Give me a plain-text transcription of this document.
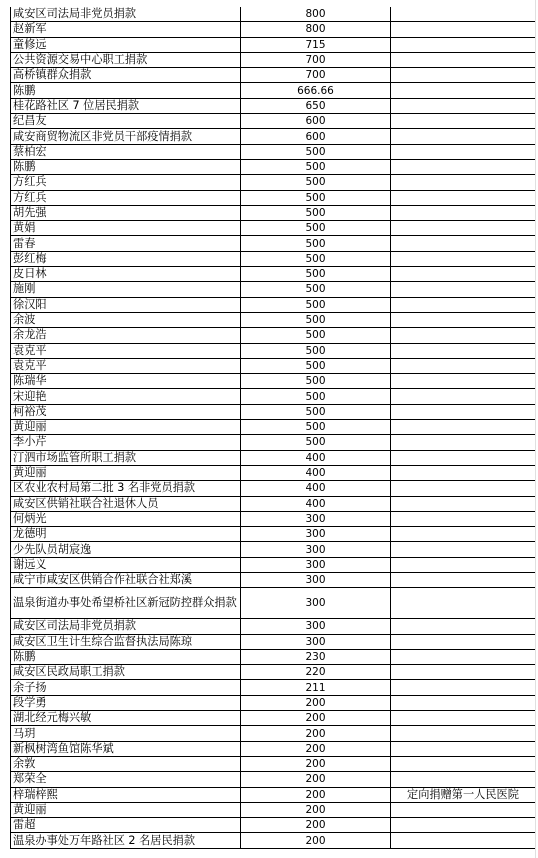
咸安区司法局非党员捐款	800	
赵新军	800	
童修远	715	
公共资源交易中心职工捐款	700	
高桥镇群众捐款	700	
陈鹏	666.66	
桂花路社区 7 位居民捐款	650	
纪昌友	600	
咸安商贸物流区非党员干部疫情捐款	600	
蔡柏宏	500	
陈鹏	500	
方红兵	500	
方红兵	500	
胡先强	500	
黄娟	500	
雷春	500	
彭红梅	500	
皮日林	500	
施刚	500	
徐汉阳	500	
余波	500	
余龙浩	500	
袁克平	500	
袁克平	500	
陈瑞华	500	
宋迎艳	500	
柯裕茂	500	
黄迎丽	500	
李小芹	500	
汀泗市场监管所职工捐款	400	
黄迎丽	400	
区农业农村局第二批 3 名非党员捐款	400	
咸安区供销社联合社退休人员	400	
何炳光	300	
龙德明	300	
少先队员胡宸逸	300	
谢远义	300	
咸宁市咸安区供销合作社联合社郑溪	300	
温泉街道办事处希望桥社区新冠防控群众捐款	300	
咸安区司法局非党员捐款	300	
咸安区卫生计生综合监督执法局陈琼	300	
陈鹏	230	
咸安区民政局职工捐款	220	
余子扬	211	
段学勇	200	
湖北经元梅兴敏	200	
马玥	200	
新枫树湾鱼馆陈华斌	200	
余敦	200	
郑荣全	200	
梓瑞梓熙	200	定向捐赠第一人民医院
黄迎丽	200	
雷超	200	
温泉办事处万年路社区 2 名居民捐款	200	
